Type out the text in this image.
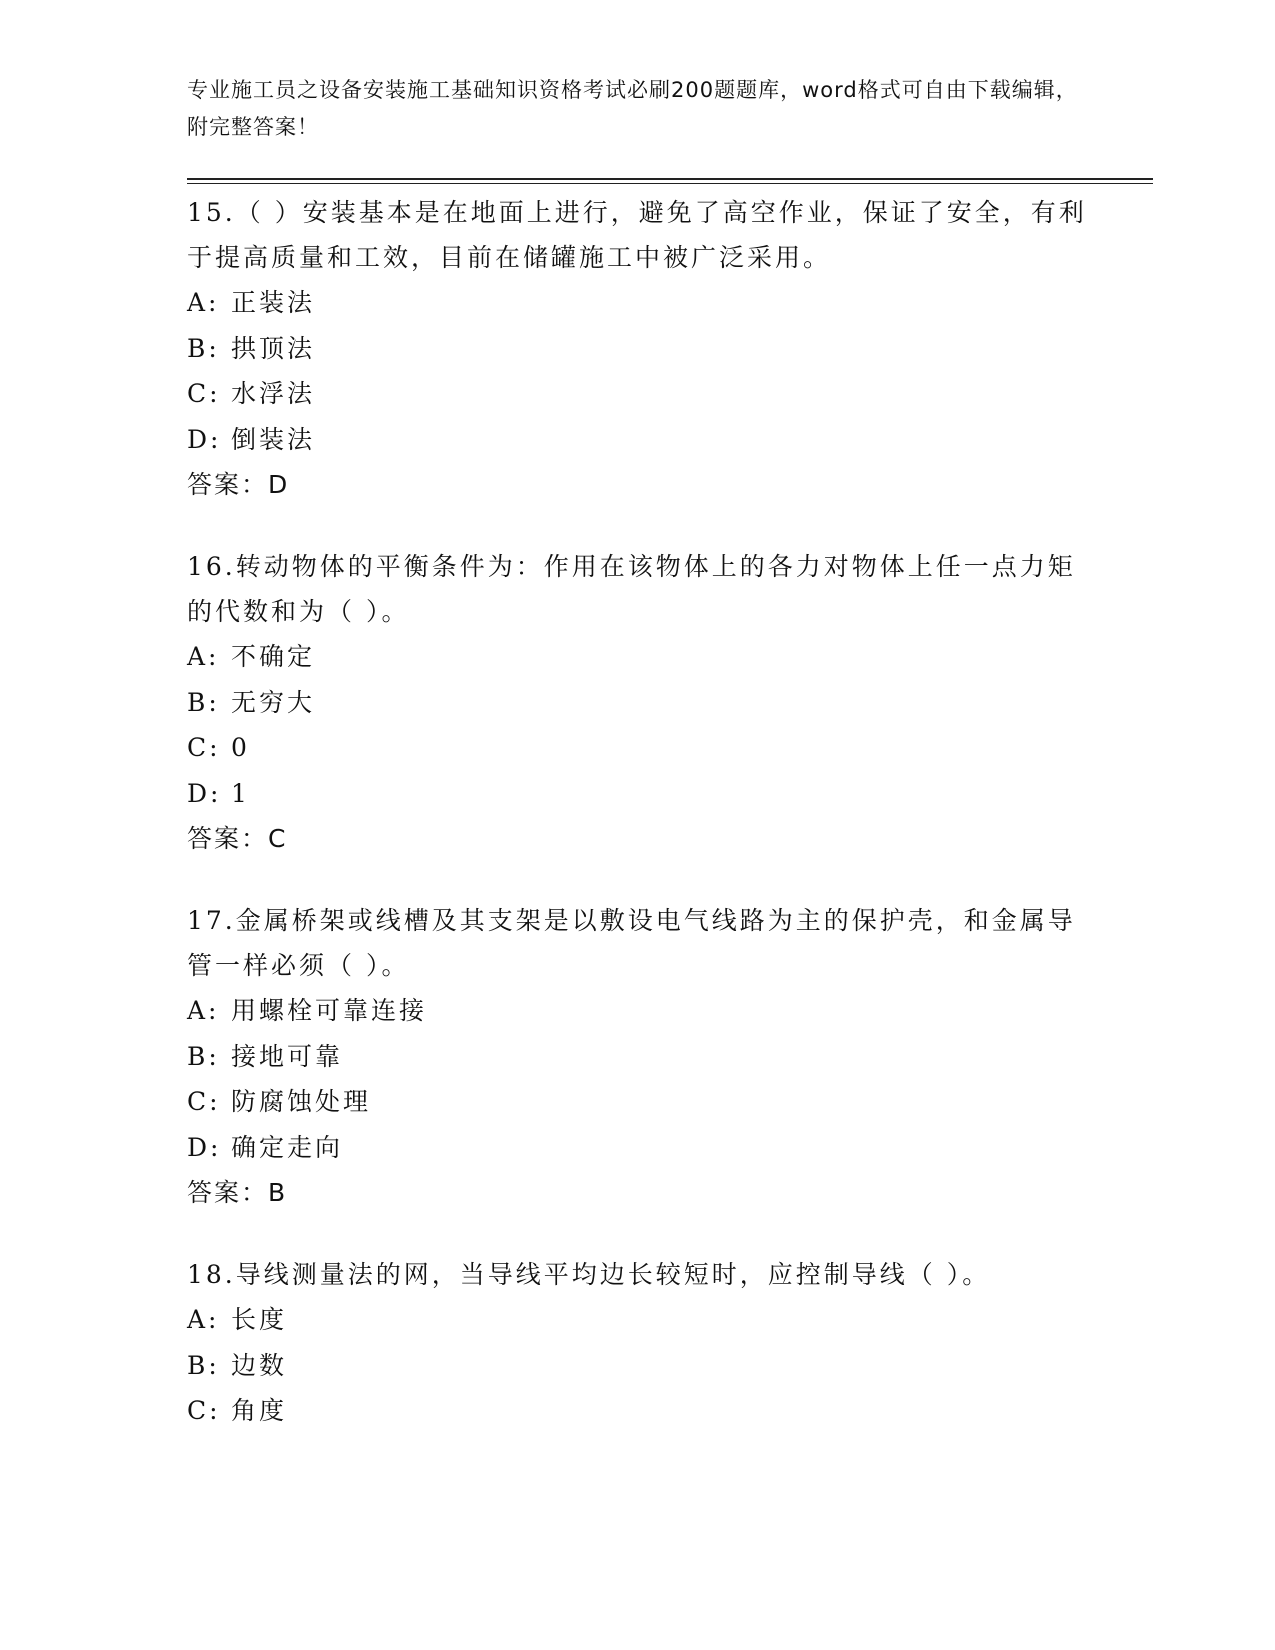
专业施工员之设备安装施工基础知识资格考试必刷200题题库，word格式可自由下载编辑，附完整答案！
15.（ ）安装基本是在地面上进行，避免了高空作业，保证了安全，有利于提高质量和工效，目前在储罐施工中被广泛采用。
A: 正装法
B: 拱顶法
C: 水浮法
D: 倒装法
答案：D
16.转动物体的平衡条件为：作用在该物体上的各力对物体上任一点力矩的代数和为（ ）。
A: 不确定
B: 无穷大
C: 0
D: 1
答案：C
17.金属桥架或线槽及其支架是以敷设电气线路为主的保护壳，和金属导管一样必须（ ）。
A: 用螺栓可靠连接
B: 接地可靠
C: 防腐蚀处理
D: 确定走向
答案：B
18.导线测量法的网，当导线平均边长较短时，应控制导线（ ）。
A: 长度
B: 边数
C: 角度
